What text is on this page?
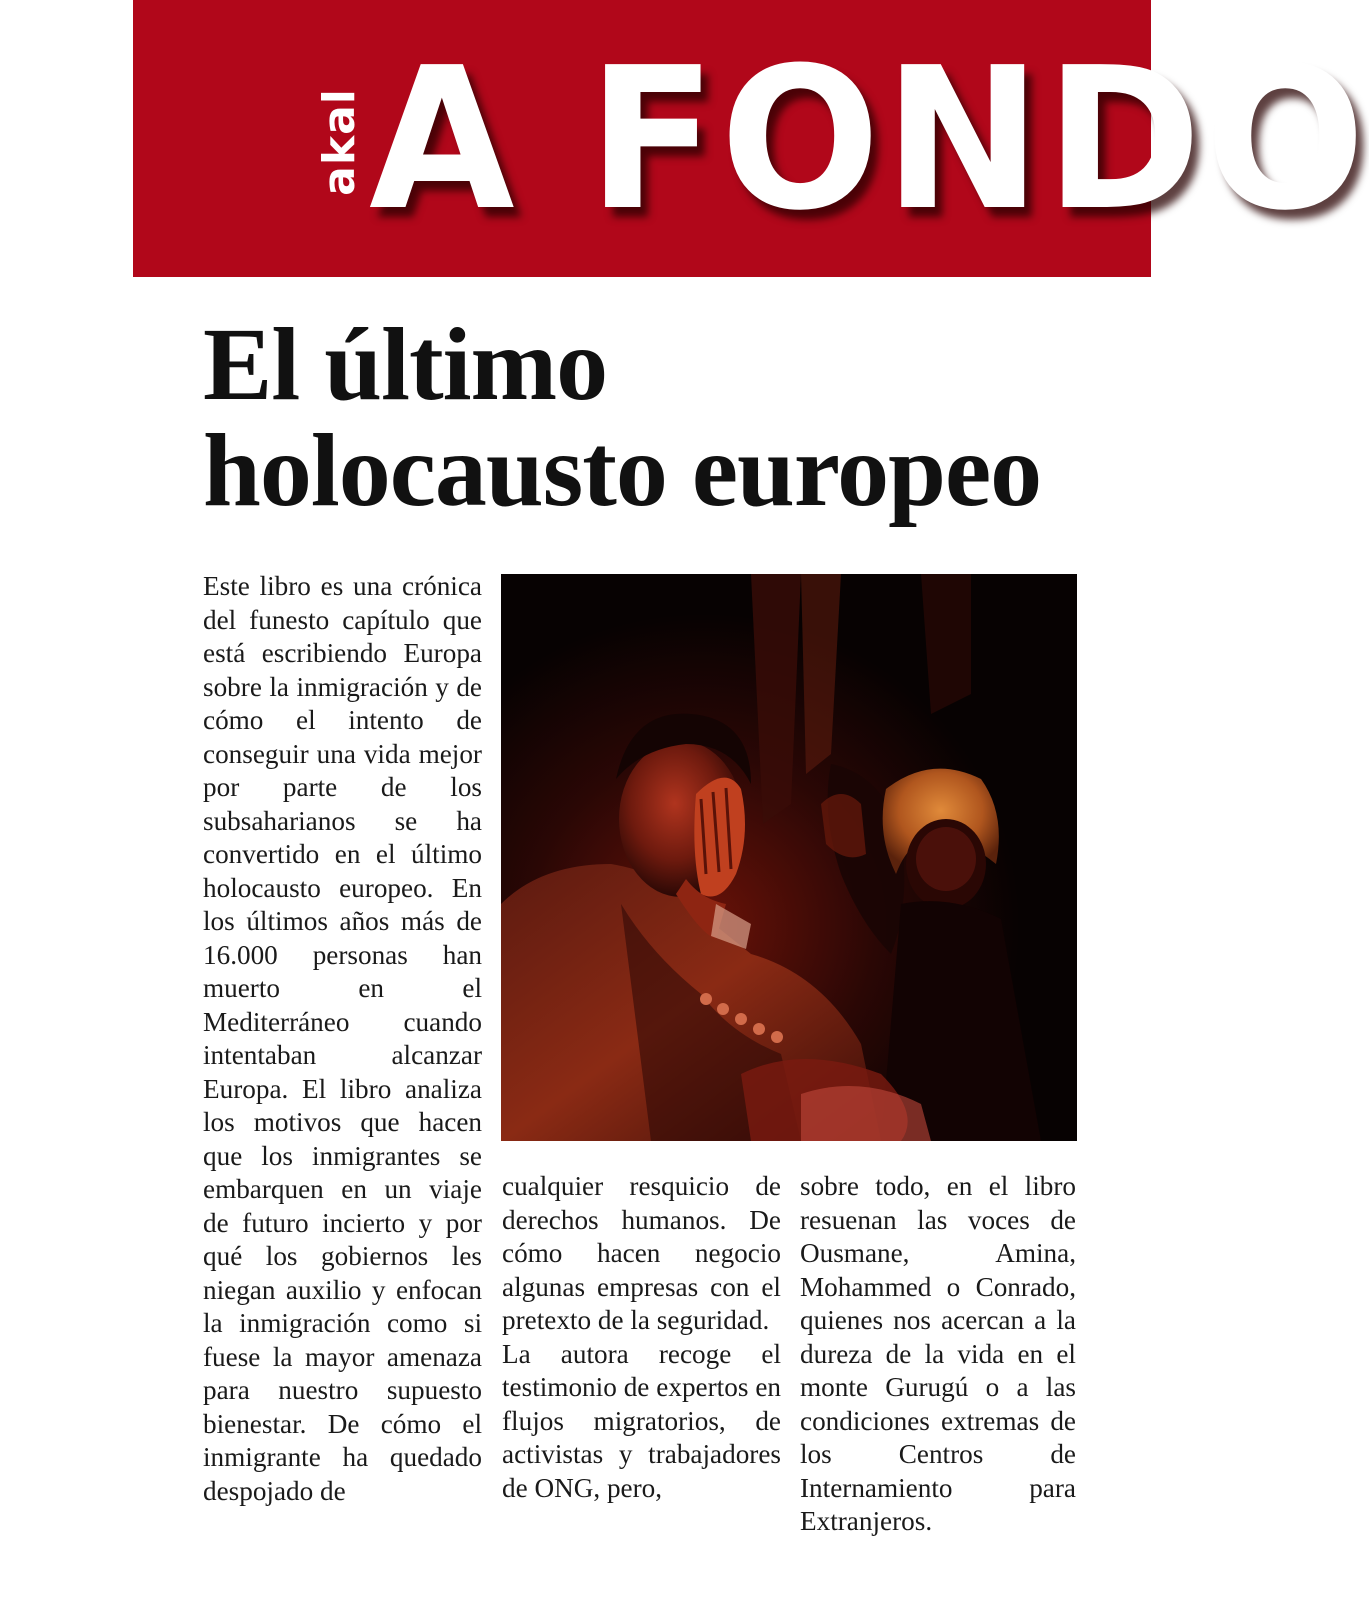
akal A FONDO
El último
holocausto europeo

Este libro es una crónica del funesto capítulo que está escribiendo Europa sobre la inmigración y de cómo el intento de conseguir una vida mejor por parte de los subsaharianos se ha convertido en el último holocausto europeo. En los últimos años más de 16.000 personas han muerto en el Mediterráneo cuando intentaban alcanzar Europa. El libro analiza los motivos que hacen que los inmigrantes se embarquen en un viaje de futuro incierto y por qué los gobiernos les niegan auxilio y enfocan la inmigración como si fuese la mayor amenaza para nuestro supuesto bienestar. De cómo el inmigrante ha quedado despojado de

cualquier resquicio de derechos humanos. De cómo hacen negocio algunas empresas con el pretexto de la seguridad.

La autora recoge el testimonio de expertos en flujos migratorios, de activistas y trabajadores de ONG, pero,

sobre todo, en el libro resuenan las voces de Ousmane, Amina, Mohammed o Conrado, quienes nos acercan a la dureza de la vida en el monte Gurugú o a las condiciones extremas de los Centros de Internamiento para Extranjeros.
